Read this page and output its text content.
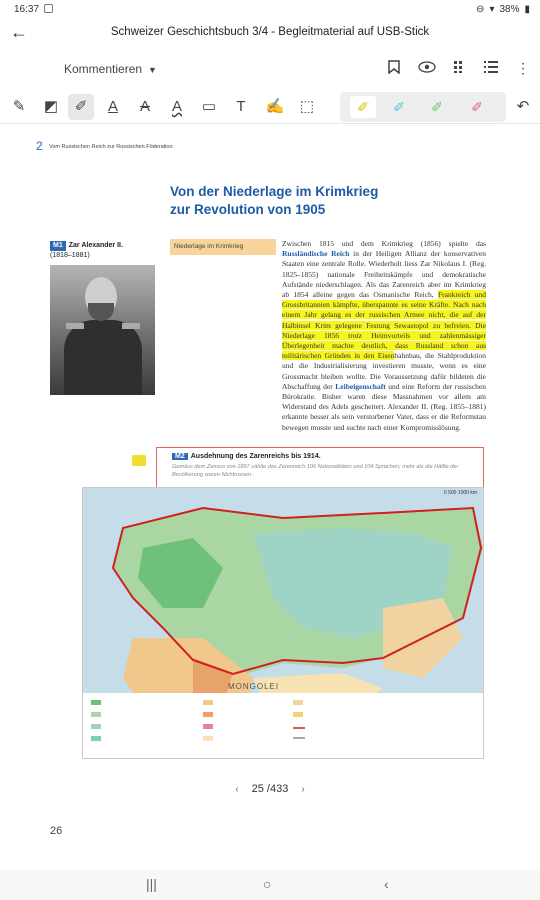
16:37	⊖ ▾ 38% ▮
←	Schweizer Geschichtsbuch 3/4 - Begleitmaterial auf USB-Stick
Kommentieren ▼	⋮
✎	◩	✐	A	A	A	▭	T	✍	⬚	↶
✐	✐	✐	✐
2 Vom Russischen Reich zur Russischen Föderation
Von der Niederlage im Krimkrieg
zur Revolution von 1905
M1 Zar Alexander II.
(1818–1881)
Niederlage im Krimkrieg	Zwischen 1815 und dem Krimkrieg (1856) spielte das Russländische Reich in der Heiligen Allianz der konservativen Staaten eine zentrale Rolle. Wiederholt liess Zar Nikolaus I. (Reg. 1825–1855) nationale Freiheitskämpfe und demokratische Aufstände niederschlagen. Als das Zarenreich aber im Krimkrieg ab 1854 alleine gegen das Osmanische Reich, Frankreich und Grossbritannien kämpfte, überspannte es seine Kräfte. Nach nach einem Jahr gelang es der russischen Armee nicht, die auf der Halbinsel Krim gelegene Festung Sewastopol zu befreien. Die Niederlage 1856 trotz Heimvorteils und zahlenmässiger Überlegenheit machte deutlich, dass Russland schon aus militärischen Gründen in den Eisenbahnbau, die Stahlproduktion und die Industrialisierung investieren musste, wenn es eine Grossmacht bleiben wollte. Die Voraussetzung dafür bildeten die Abschaffung der Leibeigenschaft und eine Reform der russischen Bürokratie. Bisher waren diese Massnahmen vor allem am Widerstand des Adels gescheitert. Alexander II. (Reg. 1855–1881) erkannte besser als sein verstorbener Vater, dass er die Reformstau bewegen musste und suchte nach einer Kompromisslösung.
M2 Ausdehnung des Zarenreichs bis 1914.
Gemäss dem Zensus von 1897 zählte das Zarenreich 106 Nationalitäten und 104 Sprachen; mehr als die Hälfte der Bevölkerung waren Nichtrussen.
0 500 1000 km
MONGOLEI
‹ 25 /433 ›
26
|||	○	‹
